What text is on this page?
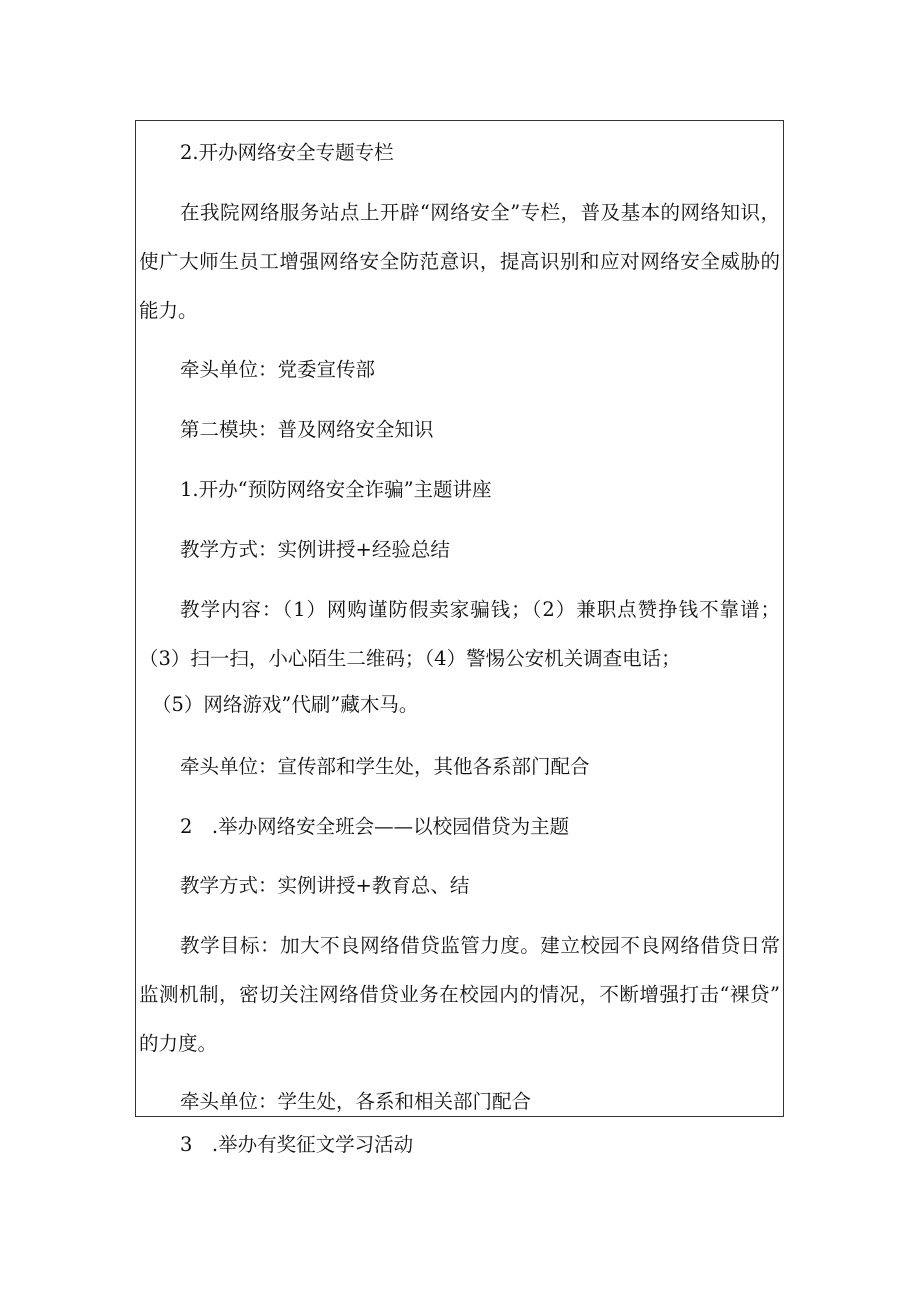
2.开办网络安全专题专栏
在我院网络服务站点上开辟“网络安全”专栏，普及基本的网络知识，
使广大师生员工增强网络安全防范意识，提高识别和应对网络安全威胁的
能力。
牵头单位：党委宣传部
第二模块：普及网络安全知识
1.开办“预防网络安全诈骗”主题讲座
教学方式：实例讲授+经验总结
教学内容：（1）网购谨防假卖家骗钱；（2）兼职点赞挣钱不靠谱；
（3）扫一扫，小心陌生二维码；（4）警惕公安机关调查电话；
（5）网络游戏”代刷”藏木马。
牵头单位：宣传部和学生处，其他各系部门配合
2　.举办网络安全班会——以校园借贷为主题
教学方式：实例讲授+教育总、结
教学目标：加大不良网络借贷监管力度。建立校园不良网络借贷日常
监测机制，密切关注网络借贷业务在校园内的情况，不断增强打击“裸贷”
的力度。
牵头单位：学生处，各系和相关部门配合
3　.举办有奖征文学习活动
